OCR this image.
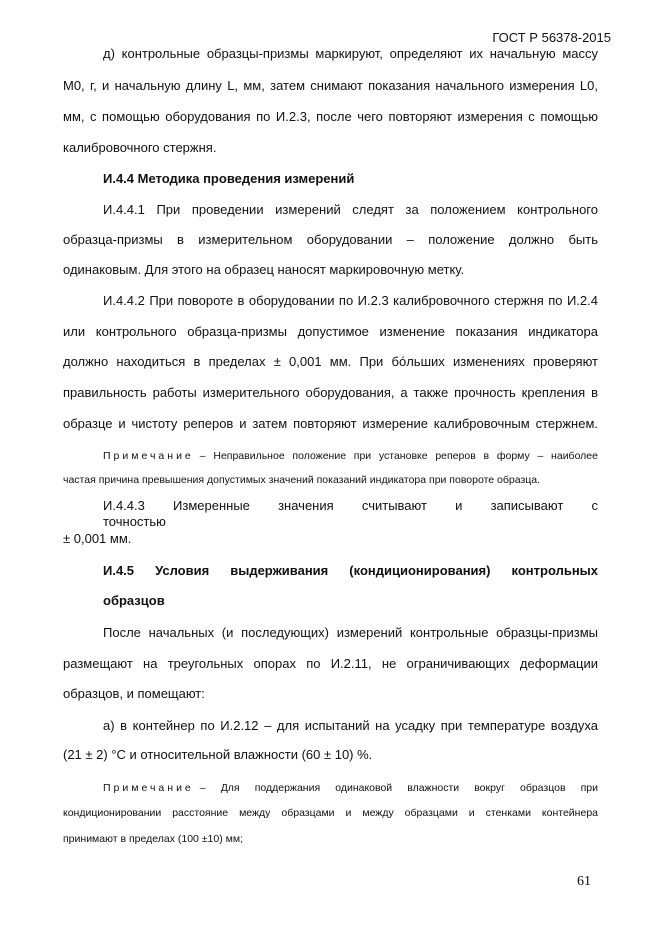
ГОСТ Р 56378-2015
д) контрольные образцы-призмы маркируют, определяют их начальную массу
M0, г, и начальную длину L, мм, затем снимают показания начального измерения L0,
мм, с помощью оборудования по И.2.3, после чего повторяют измерения с помощью
калибровочного стержня.
И.4.4 Методика проведения измерений
И.4.4.1 При проведении измерений следят за положением контрольного
образца-призмы в измерительном оборудовании – положение должно быть
одинаковым. Для этого на образец наносят маркировочную метку.
И.4.4.2 При повороте в оборудовании по И.2.3 калибровочного стержня по И.2.4
или контрольного образца-призмы допустимое изменение показания индикатора
должно находиться в пределах ± 0,001 мм. При бóльших изменениях проверяют
правильность работы измерительного оборудования, а также прочность крепления в
образце и чистоту реперов и затем повторяют измерение калибровочным стержнем.
Примечание – Неправильное положение при установке реперов в форму – наиболее
частая причина превышения допустимых значений показаний индикатора при повороте образца.
И.4.4.3 Измеренные значения считывают и записывают с точностью
± 0,001 мм.
И.4.5 Условия выдерживания (кондиционирования) контрольных
образцов
После начальных (и последующих) измерений контрольные образцы-призмы
размещают на треугольных опорах по И.2.11, не ограничивающих деформации
образцов, и помещают:
а) в контейнер по И.2.12 – для испытаний на усадку при температуре воздуха
(21 ± 2) °С и относительной влажности (60 ± 10) %.
Примечание – Для поддержания одинаковой влажности вокруг образцов при
кондиционировании расстояние между образцами и между образцами и стенками контейнера
принимают в пределах (100 ±10) мм;
61
